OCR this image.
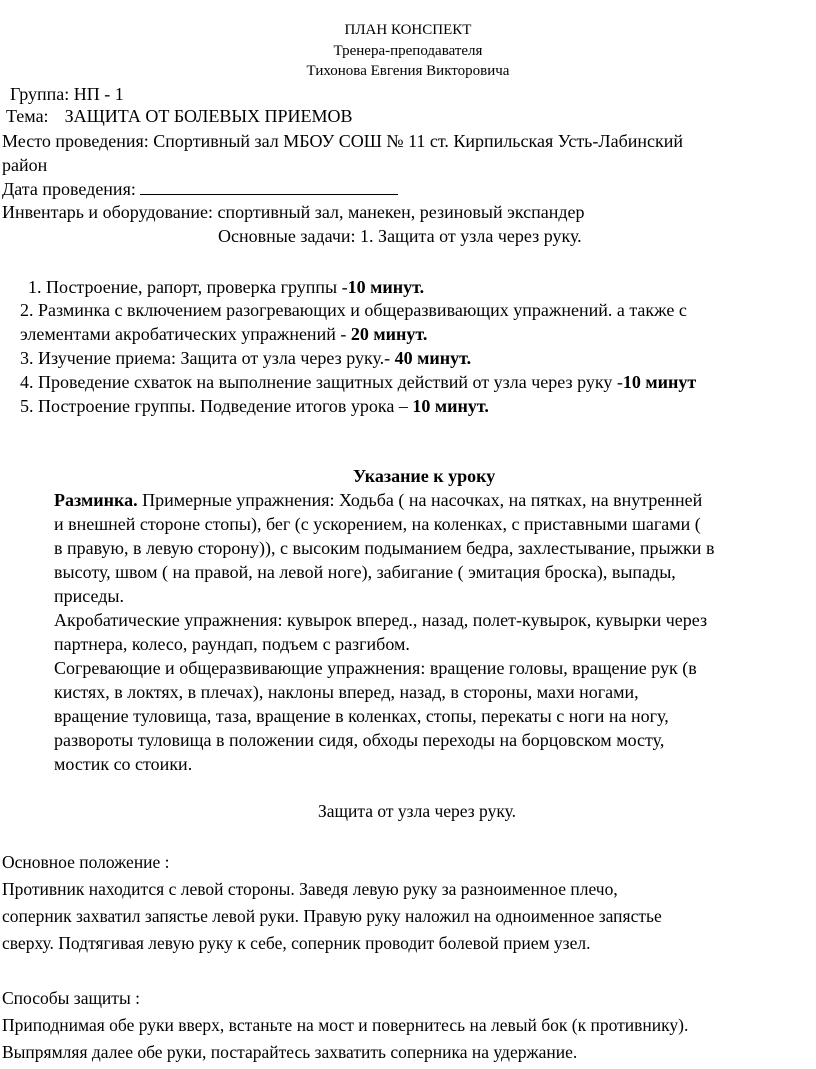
ПЛАН КОНСПЕКТ
Тренера-преподавателя
Тихонова Евгения Викторовича
Группа: НП - 1
Тема: ЗАЩИТА ОТ БОЛЕВЫХ ПРИЕМОВ
Место проведения: Спортивный зал МБОУ СОШ № 11 ст. Кирпильская Усть-Лабинский
район
Дата проведения:
Инвентарь и оборудование: спортивный зал, манекен, резиновый экспандер
Основные задачи: 1. Защита от узла через руку.
1. Построение, рапорт, проверка группы -10 минут.
2. Разминка с включением разогревающих и общеразвивающих упражнений. а также с
элементами акробатических упражнений - 20 минут.
3. Изучение приема: Защита от узла через руку.- 40 минут.
4. Проведение схваток на выполнение защитных действий от узла через руку -10 минут
5. Построение группы. Подведение итогов урока – 10 минут.
Указание к уроку
Разминка. Примерные упражнения: Ходьба ( на насочках, на пятках, на внутренней
и внешней стороне стопы), бег (с ускорением, на коленках, с приставными шагами (
в правую, в левую сторону)), с высоким подыманием бедра, захлестывание, прыжки в
высоту, швом ( на правой, на левой ноге), забигание ( эмитация броска), выпады,
приседы.
Акробатические упражнения: кувырок вперед., назад, полет-кувырок, кувырки через
партнера, колесо, раундап, подъем с разгибом.
Согревающие и общеразвивающие упражнения: вращение головы, вращение рук (в
кистях, в локтях, в плечах), наклоны вперед, назад, в стороны, махи ногами,
вращение туловища, таза, вращение в коленках, стопы, перекаты с ноги на ногу,
развороты туловища в положении сидя, обходы переходы на борцовском мосту,
мостик со стоики.
Защита от узла через руку.
Основное положение :
Противник находится с левой стороны. Заведя левую руку за разноименное плечо,
соперник захватил запястье левой руки. Правую руку наложил на одноименное запястье
сверху. Подтягивая левую руку к себе, соперник проводит болевой прием узел.
Способы защиты :
Приподнимая обе руки вверх, встаньте на мост и повернитесь на левый бок (к противнику).
Выпрямляя далее обе руки, постарайтесь захватить соперника на удержание.
